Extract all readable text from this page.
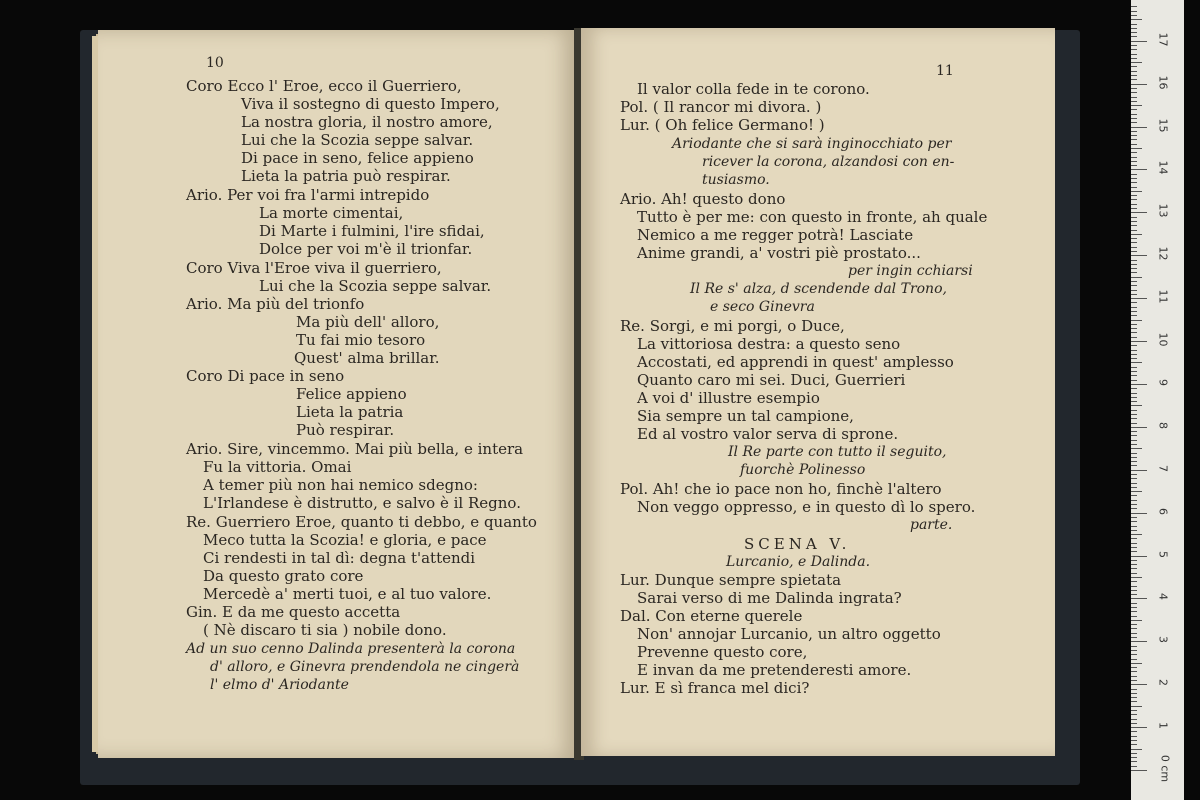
10
Coro Ecco l' Eroe, ecco il Guerriero,
Viva il sostegno di questo Impero,
La nostra gloria, il nostro amore,
Lui che la Scozia seppe salvar.
Di pace in seno, felice appieno
Lieta la patria può respirar.
Ario. Per voi fra l'armi intrepido
La morte cimentai,
Di Marte i fulmini, l'ire sfidai,
Dolce per voi m'è il trionfar.
Coro Viva l'Eroe viva il guerriero,
Lui che la Scozia seppe salvar.
Ario. Ma più del trionfo
Ma più dell' alloro,
Tu fai mio tesoro
Quest' alma brillar.
Coro Di pace in seno
Felice appieno
Lieta la patria
Può respirar.
Ario. Sire, vincemmo. Mai più bella, e intera
Fu la vittoria. Omai
A temer più non hai nemico sdegno:
L'Irlandese è distrutto, e salvo è il Regno.
Re. Guerriero Eroe, quanto ti debbo, e quanto
Meco tutta la Scozia! e gloria, e pace
Ci rendesti in tal dì: degna t'attendi
Da questo grato core
Mercedè a' merti tuoi, e al tuo valore.
Gin. E da me questo accetta
( Nè discaro ti sia ) nobile dono.
Ad un suo cenno Dalinda presenterà la corona
d' alloro, e Ginevra prendendola ne cingerà
l' elmo d' Ariodante
11
Il valor colla fede in te corono.
Pol. ( Il rancor mi divora. )
Lur. ( Oh felice Germano! )
Ariodante che si sarà inginocchiato per
ricever la corona, alzandosi con en-
tusiasmo.
Ario. Ah! questo dono
Tutto è per me: con questo in fronte, ah quale
Nemico a me regger potrà! Lasciate
Anime grandi, a' vostri piè prostato...
per ingin cchiarsi
Il Re s' alza, d scendende dal Trono,
e seco Ginevra
Re. Sorgi, e mi porgi, o Duce,
La vittoriosa destra: a questo seno
Accostati, ed apprendi in quest' amplesso
Quanto caro mi sei. Duci, Guerrieri
A voi d' illustre esempio
Sia sempre un tal campione,
Ed al vostro valor serva di sprone.
Il Re parte con tutto il seguito,
fuorchè Polinesso
Pol. Ah! che io pace non ho, finchè l'altero
Non veggo oppresso, e in questo dì lo spero.
parte.
SCENA V.
Lurcanio, e Dalinda.
Lur. Dunque sempre spietata
Sarai verso di me Dalinda ingrata?
Dal. Con eterne querele
Non' annojar Lurcanio, un altro oggetto
Prevenne questo core,
E invan da me pretenderesti amore.
Lur. E sì franca mel dici?
0 cm
1
2
3
4
5
6
7
8
9
10
11
12
13
14
15
16
17
